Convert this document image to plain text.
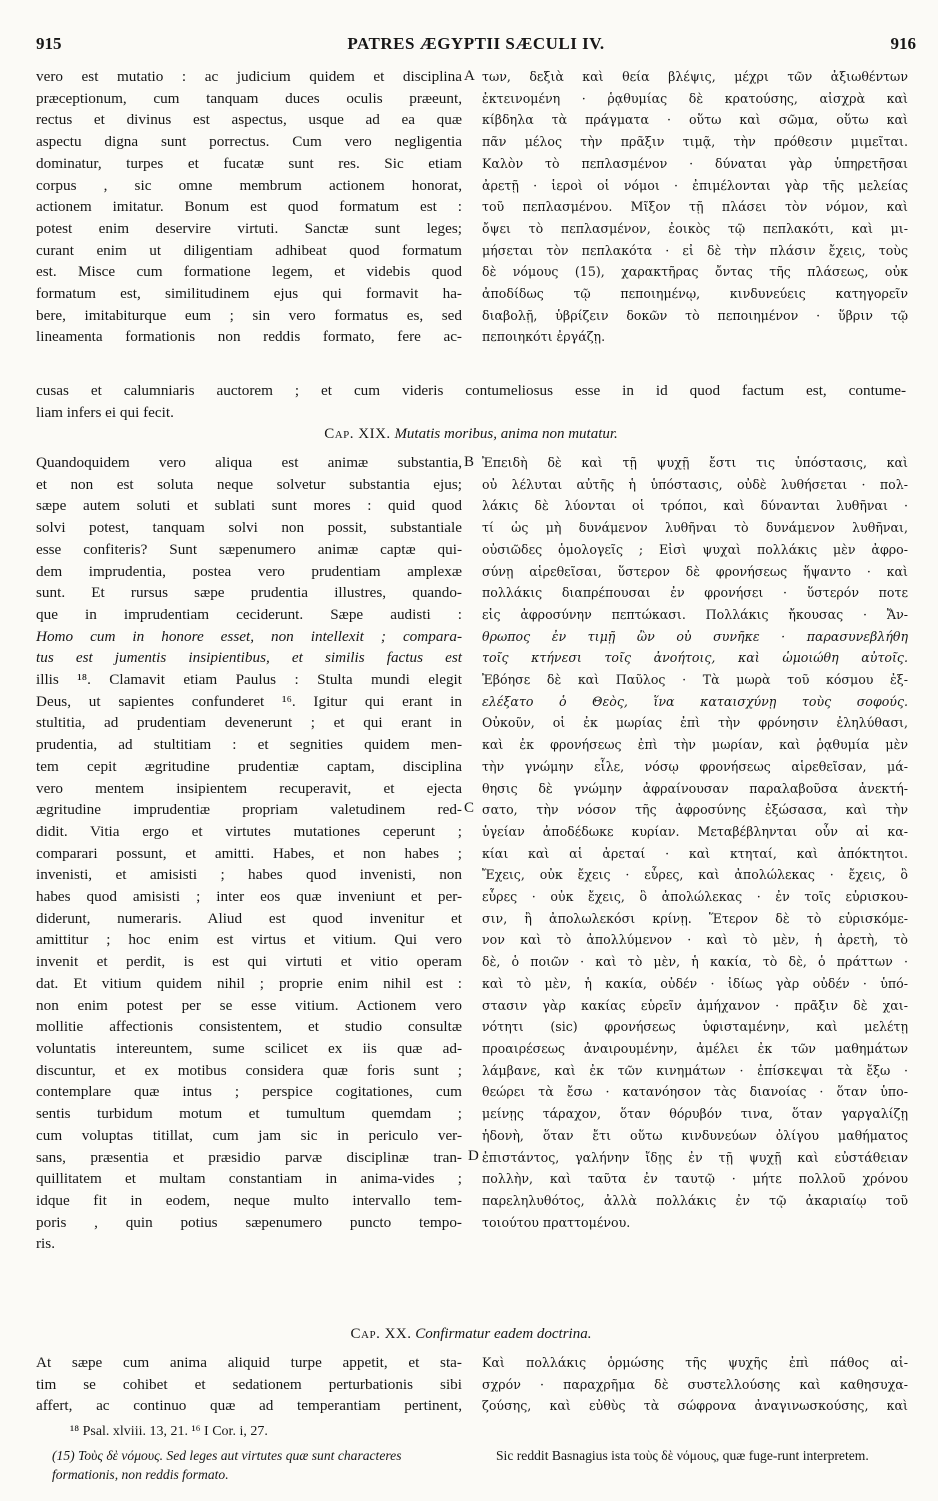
915	PATRES ÆGYPTII SÆCULI IV.	916

vero est mutatio : ac judicium quidem et disciplina

præceptionum, cum tanquam duces oculis præeunt,

rectus et divinus est aspectus, usque ad ea quæ

aspectu digna sunt porrectus. Cum vero negligentia

dominatur, turpes et fucatæ sunt res. Sic etiam

corpus , sic omne membrum actionem honorat,

actionem imitatur. Bonum est quod formatum est :

potest enim deservire virtuti. Sanctæ sunt leges;

curant enim ut diligentiam adhibeat quod formatum

est. Misce cum formatione legem, et videbis quod

formatum est, similitudinem ejus qui formavit ha-

bere, imitabiturque eum ; sin vero formatus es, sed

lineamenta formationis non reddis formato, fere ac-

A των, δεξιὰ καὶ θεία βλέψις, μέχρι τῶν ἀξιωθέντων

ἐκτεινομένη · ῥᾳθυμίας δὲ κρατούσης, αἰσχρὰ καὶ

κίβδηλα τὰ πράγματα · οὕτω καὶ σῶμα, οὕτω καὶ

πᾶν μέλος τὴν πρᾶξιν τιμᾷ, τὴν πρόθεσιν μιμεῖται.

Καλὸν τὸ πεπλασμένον · δύναται γὰρ ὑπηρετῆσαι

ἀρετῇ · ἱεροὶ οἱ νόμοι · ἐπιμέλονται γὰρ τῆς μελείας

τοῦ πεπλασμένου. Μῖξον τῇ πλάσει τὸν νόμον, καὶ

ὄψει τὸ πεπλασμένον, ἐοικὸς τῷ πεπλακότι, καὶ μι-

μήσεται τὸν πεπλακότα · εἰ δὲ τὴν πλάσιν ἔχεις, τοὺς

δὲ νόμους (15), χαρακτῆρας ὄντας τῆς πλάσεως, οὐκ

ἀποδίδως τῷ πεποιημένῳ, κινδυνεύεις κατηγορεῖν

διαβολῇ, ὑβρίζειν δοκῶν τὸ πεποιημένον · ὕβριν τῷ

πεποιηκότι ἐργάζῃ.

cusas et calumniaris auctorem ; et cum videris contumeliosus esse in id quod factum est, contume-

liam infers ei qui fecit.

Cap. XIX. Mutatis moribus, anima non mutatur.

Quandoquidem vero aliqua est animæ substantia,

et non est soluta neque solvetur substantia ejus;

sæpe autem soluti et sublati sunt mores : quid quod

solvi potest, tanquam solvi non possit, substantiale

esse confiteris? Sunt sæpenumero animæ captæ qui-

dem imprudentia, postea vero prudentiam amplexæ

sunt. Et rursus sæpe prudentia illustres, quando-

que in imprudentiam ceciderunt. Sæpe audisti :

Homo cum in honore esset, non intellexit ; compara-

tus est jumentis insipientibus, et similis factus est

illis ¹⁸. Clamavit etiam Paulus : Stulta mundi elegit

Deus, ut sapientes confunderet ¹⁶. Igitur qui erant in

stultitia, ad prudentiam devenerunt ; et qui erant in

prudentia, ad stultitiam : et segnities quidem men-

tem cepit ægritudine prudentiæ captam, disciplina

vero mentem insipientem recuperavit, et ejecta

ægritudine imprudentiæ propriam valetudinem red-

didit. Vitia ergo et virtutes mutationes ceperunt ;

comparari possunt, et amitti. Habes, et non habes ;

invenisti, et amisisti ; habes quod invenisti, non

habes quod amisisti ; inter eos quæ inveniunt et per-

diderunt, numeraris. Aliud est quod invenitur et

amittitur ; hoc enim est virtus et vitium. Qui vero

invenit et perdit, is est qui virtuti et vitio operam

dat. Et vitium quidem nihil ; proprie enim nihil est :

non enim potest per se esse vitium. Actionem vero

mollitie affectionis consistentem, et studio consultæ

voluntatis intereuntem, sume scilicet ex iis quæ ad-

discuntur, et ex motibus considera quæ foris sunt ;

contemplare quæ intus ; perspice cogitationes, cum

sentis turbidum motum et tumultum quemdam ;

cum voluptas titillat, cum jam sic in periculo ver-

sans, præsentia et præsidio parvæ disciplinæ tran-

quillitatem et multam constantiam in anima-vides ;

idque fit in eodem, neque multo intervallo tem-

poris , quin potius sæpenumero puncto tempo-

ris.

B
C
D

Ἐπειδὴ δὲ καὶ τῇ ψυχῇ ἔστι τις ὑπόστασις, καὶ

οὐ λέλυται αὐτῆς ἡ ὑπόστασις, οὐδὲ λυθήσεται · πολ-

λάκις δὲ λύονται οἱ τρόποι, καὶ δύνανται λυθῆναι ·

τί ὡς μὴ δυνάμενον λυθῆναι τὸ δυνάμενον λυθῆναι,

οὐσιῶδες ὁμολογεῖς ; Εἰσὶ ψυχαὶ πολλάκις μὲν ἀφρο-

σύνῃ αἱρεθεῖσαι, ὕστερον δὲ φρονήσεως ἥψαντο · καὶ

πολλάκις διαπρέπουσαι ἐν φρονήσει · ὕστερόν ποτε

εἰς ἀφροσύνην πεπτώκασι. Πολλάκις ἤκουσας · Ἄν-

θρωπος ἐν τιμῇ ὢν οὐ συνῆκε · παρασυνεβλήθη

τοῖς κτήνεσι τοῖς ἀνοήτοις, καὶ ὡμοιώθη αὐτοῖς.

Ἐβόησε δὲ καὶ Παῦλος · Τὰ μωρὰ τοῦ κόσμου ἐξ-

ελέξατο ὁ Θεὸς, ἵνα καταισχύνῃ τοὺς σοφούς.

Οὐκοῦν, οἱ ἐκ μωρίας ἐπὶ τὴν φρόνησιν ἐληλύθασι,

καὶ ἐκ φρονήσεως ἐπὶ τὴν μωρίαν, καὶ ῥᾳθυμία μὲν

τὴν γνώμην εἷλε, νόσῳ φρονήσεως αἱρεθεῖσαν, μά-

θησις δὲ γνώμην ἀφραίνουσαν παραλαβοῦσα ἀνεκτή-

σατο, τὴν νόσον τῆς ἀφροσύνης ἐξώσασα, καὶ τὴν

ὑγείαν ἀποδέδωκε κυρίαν. Μεταβέβληνται οὖν αἱ κα-

κίαι καὶ αἱ ἀρεταί · καὶ κτηταί, καὶ ἀπόκτητοι.

Ἔχεις, οὐκ ἔχεις · εὗρες, καὶ ἀπολώλεκας · ἔχεις, ὃ

εὗρες · οὐκ ἔχεις, ὃ ἀπολώλεκας · ἐν τοῖς εὑρισκου-

σιν, ἢ ἀπολωλεκόσι κρίνῃ. Ἕτερον δὲ τὸ εὑρισκόμε-

νον καὶ τὸ ἀπολλύμενον · καὶ τὸ μὲν, ἡ ἀρετὴ, τὸ

δὲ, ὁ ποιῶν · καὶ τὸ μὲν, ἡ κακία, τὸ δὲ, ὁ πράττων ·

καὶ τὸ μὲν, ἡ κακία, οὐδέν · ἰδίως γὰρ οὐδέν · ὑπό-

στασιν γὰρ κακίας εὑρεῖν ἀμήχανον · πρᾶξιν δὲ χαι-

νότητι (sic) φρονήσεως ὑφισταμένην, καὶ μελέτῃ

προαιρέσεως ἀναιρουμένην, ἀμέλει ἐκ τῶν μαθημάτων

λάμβανε, καὶ ἐκ τῶν κινημάτων · ἐπίσκεψαι τὰ ἔξω ·

θεώρει τὰ ἔσω · κατανόησον τὰς διανοίας · ὅταν ὑπο-

μείνῃς τάραχον, ὅταν θόρυβόν τινα, ὅταν γαργαλίζῃ

ἡδονὴ, ὅταν ἔτι οὕτω κινδυνεύων ὀλίγου μαθήματος

ἐπιστάντος, γαλήνην ἴδῃς ἐν τῇ ψυχῇ καὶ εὐστάθειαν

πολλὴν, καὶ ταῦτα ἐν ταυτῷ · μήτε πολλοῦ χρόνου

παρεληλυθότος, ἀλλὰ πολλάκις ἐν τῷ ἀκαριαίῳ τοῦ

τοιούτου πραττομένου.

Cap. XX. Confirmatur eadem doctrina.

At sæpe cum anima aliquid turpe appetit, et sta-

tim se cohibet et sedationem perturbationis sibi

affert, ac continuo quæ ad temperantiam pertinent,

Καὶ πολλάκις ὁρμώσης τῆς ψυχῆς ἐπὶ πάθος αἰ-

σχρόν · παραχρῆμα δὲ συστελλούσης καὶ καθησυχα-

ζούσης, καὶ εὐθὺς τὰ σώφρονα ἀναγινωσκούσης, καὶ

¹⁸ Psal. xlviii. 13, 21. ¹⁶ I Cor. i, 27.

(15) Τοὺς δὲ νόμους. Sed leges aut virtutes quæ sunt characteres formationis, non reddis formato.

Sic reddit Basnagius ista τοὺς δὲ νόμους, quæ fuge-runt interpretem.
